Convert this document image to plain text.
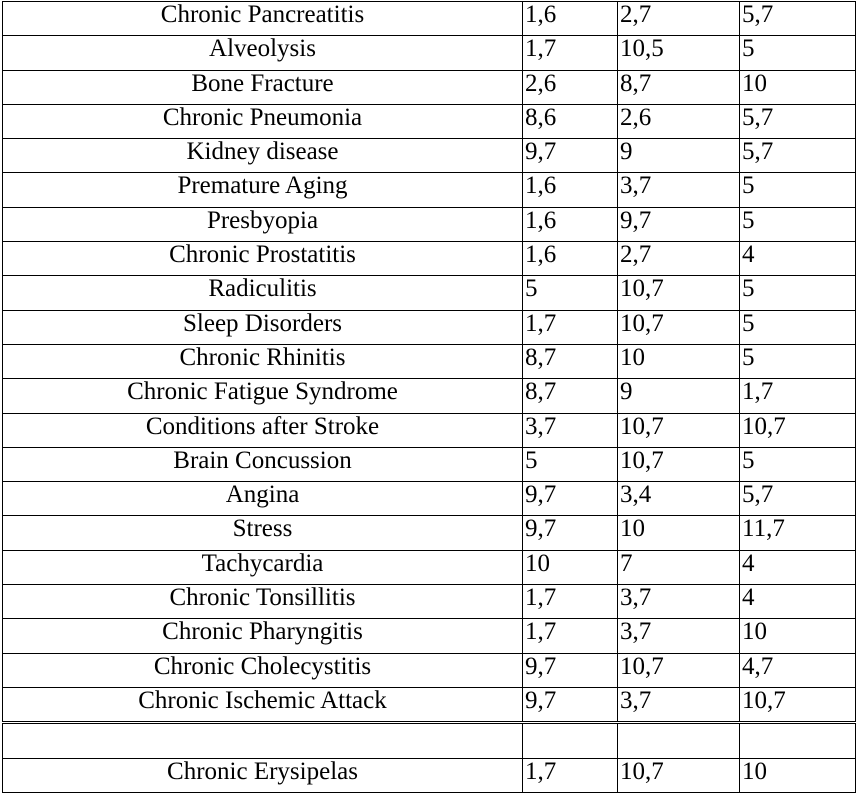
Chronic Pancreatitis	1,6	2,7	5,7
Alveolysis	1,7	10,5	5
Bone Fracture	2,6	8,7	10
Chronic Pneumonia	8,6	2,6	5,7
Kidney disease	9,7	9	5,7
Premature Aging	1,6	3,7	5
Presbyopia	1,6	9,7	5
Chronic Prostatitis	1,6	2,7	4
Radiculitis	5	10,7	5
Sleep Disorders	1,7	10,7	5
Chronic Rhinitis	8,7	10	5
Chronic Fatigue Syndrome	8,7	9	1,7
Conditions after Stroke	3,7	10,7	10,7
Brain Concussion	5	10,7	5
Angina	9,7	3,4	5,7
Stress	9,7	10	11,7
Tachycardia	10	7	4
Chronic Tonsillitis	1,7	3,7	4
Chronic Pharyngitis	1,7	3,7	10
Chronic Cholecystitis	9,7	10,7	4,7
Chronic Ischemic Attack	9,7	3,7	10,7

Chronic Erysipelas	1,7	10,7	10
